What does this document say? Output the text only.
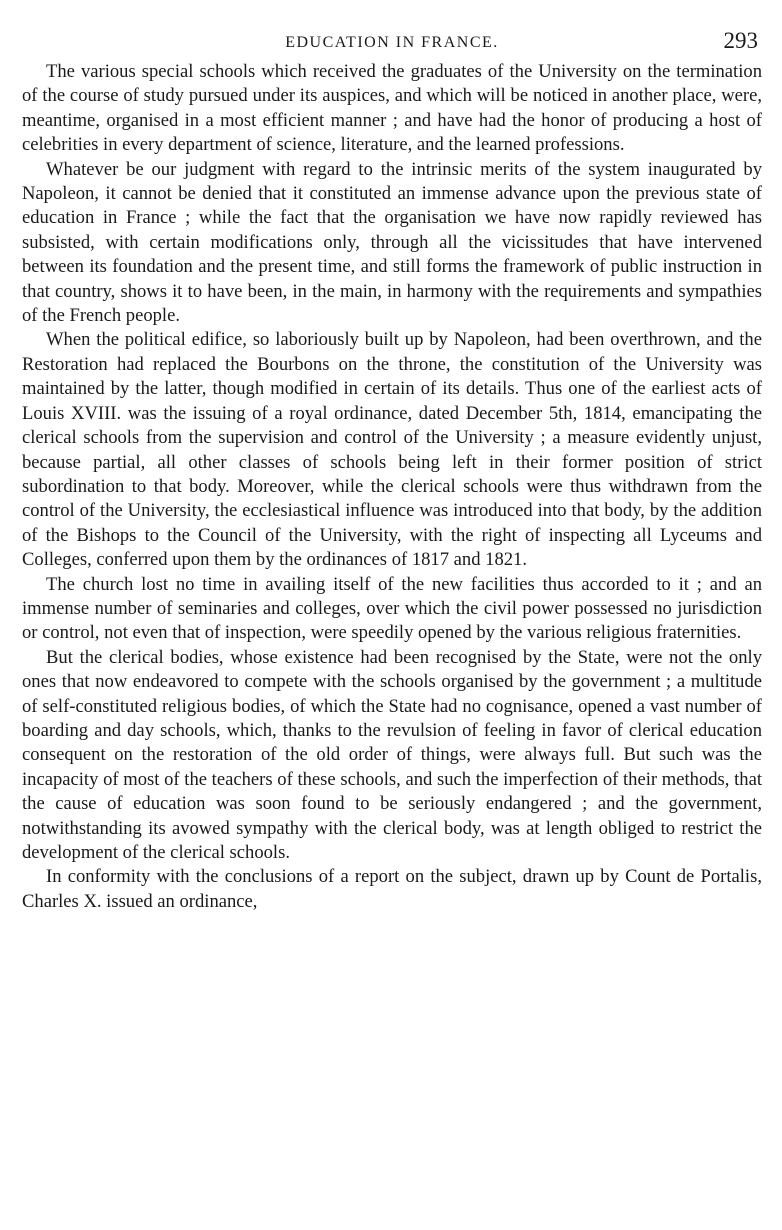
EDUCATION IN FRANCE.	293

The various special schools which received the graduates of the University on the termination of the course of study pursued under its auspices, and which will be noticed in another place, were, meantime, organised in a most efficient manner ; and have had the honor of producing a host of celebrities in every department of science, literature, and the learned professions.

Whatever be our judgment with regard to the intrinsic merits of the system inaugurated by Napoleon, it cannot be denied that it constituted an immense advance upon the previous state of education in France ; while the fact that the organisation we have now rapidly reviewed has subsisted, with certain modifications only, through all the vicissitudes that have intervened between its foundation and the present time, and still forms the framework of public instruction in that country, shows it to have been, in the main, in harmony with the requirements and sympathies of the French people.

When the political edifice, so laboriously built up by Napoleon, had been overthrown, and the Restoration had replaced the Bourbons on the throne, the constitution of the University was maintained by the latter, though modified in certain of its details. Thus one of the earliest acts of Louis XVIII. was the issuing of a royal ordinance, dated December 5th, 1814, emancipating the clerical schools from the supervision and control of the University ; a measure evidently unjust, because partial, all other classes of schools being left in their former position of strict subordination to that body. Moreover, while the clerical schools were thus withdrawn from the control of the University, the ecclesiastical influence was introduced into that body, by the addition of the Bishops to the Council of the University, with the right of inspecting all Lyceums and Colleges, conferred upon them by the ordinances of 1817 and 1821.

The church lost no time in availing itself of the new facilities thus accorded to it ; and an immense number of seminaries and colleges, over which the civil power possessed no jurisdiction or control, not even that of inspection, were speedily opened by the various religious fraternities.

But the clerical bodies, whose existence had been recognised by the State, were not the only ones that now endeavored to compete with the schools organised by the government ; a multitude of self-constituted religious bodies, of which the State had no cognisance, opened a vast number of boarding and day schools, which, thanks to the revulsion of feeling in favor of clerical education consequent on the restoration of the old order of things, were always full. But such was the incapacity of most of the teachers of these schools, and such the imperfection of their methods, that the cause of education was soon found to be seriously endangered ; and the government, notwithstanding its avowed sympathy with the clerical body, was at length obliged to restrict the development of the clerical schools.

In conformity with the conclusions of a report on the subject, drawn up by Count de Portalis, Charles X. issued an ordinance,
